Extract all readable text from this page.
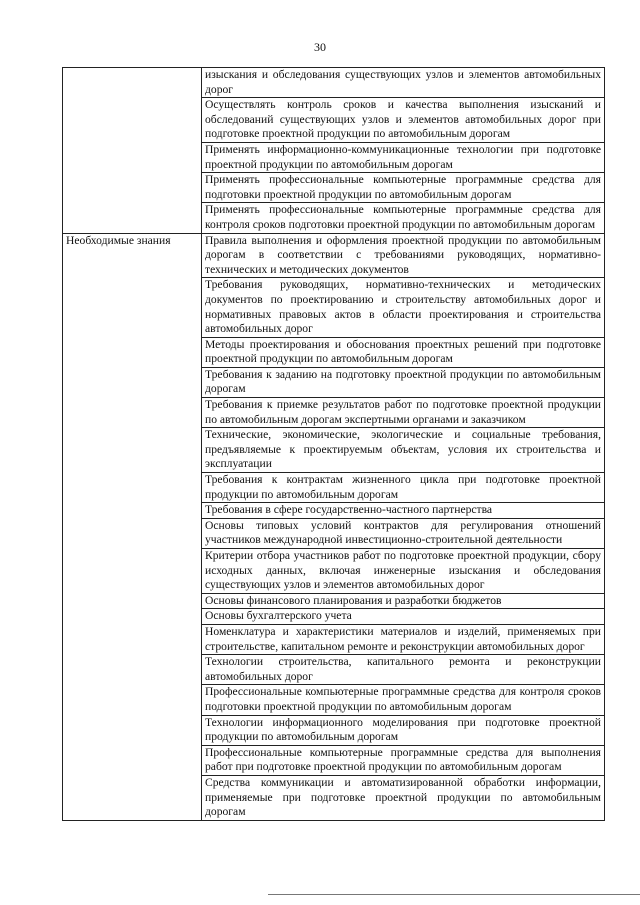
30
	изыскания и обследования существующих узлов и элементов автомобильных дорог
	Осуществлять контроль сроков и качества выполнения изысканий и обследований существующих узлов и элементов автомобильных дорог при подготовке проектной продукции по автомобильным дорогам
	Применять информационно-коммуникационные технологии при подготовке проектной продукции по автомобильным дорогам
	Применять профессиональные компьютерные программные средства для подготовки проектной продукции по автомобильным дорогам
	Применять профессиональные компьютерные программные средства для контроля сроков подготовки проектной продукции по автомобильным дорогам
Необходимые знания	Правила выполнения и оформления проектной продукции по автомобильным дорогам в соответствии с требованиями руководящих, нормативно-технических и методических документов
	Требования руководящих, нормативно-технических и методических документов по проектированию и строительству автомобильных дорог и нормативных правовых актов в области проектирования и строительства автомобильных дорог
	Методы проектирования и обоснования проектных решений при подготовке проектной продукции по автомобильным дорогам
	Требования к заданию на подготовку проектной продукции по автомобильным дорогам
	Требования к приемке результатов работ по подготовке проектной продукции по автомобильным дорогам экспертными органами и заказчиком
	Технические, экономические, экологические и социальные требования, предъявляемые к проектируемым объектам, условия их строительства и эксплуатации
	Требования к контрактам жизненного цикла при подготовке проектной продукции по автомобильным дорогам
	Требования в сфере государственно-частного партнерства
	Основы типовых условий контрактов для регулирования отношений участников международной инвестиционно-строительной деятельности
	Критерии отбора участников работ по подготовке проектной продукции, сбору исходных данных, включая инженерные изыскания и обследования существующих узлов и элементов автомобильных дорог
	Основы финансового планирования и разработки бюджетов
	Основы бухгалтерского учета
	Номенклатура и характеристики материалов и изделий, применяемых при строительстве, капитальном ремонте и реконструкции автомобильных дорог
	Технологии строительства, капитального ремонта и реконструкции автомобильных дорог
	Профессиональные компьютерные программные средства для контроля сроков подготовки проектной продукции по автомобильным дорогам
	Технологии информационного моделирования при подготовке проектной продукции по автомобильным дорогам
	Профессиональные компьютерные программные средства для выполнения работ при подготовке проектной продукции по автомобильным дорогам
	Средства коммуникации и автоматизированной обработки информации, применяемые при подготовке проектной продукции по автомобильным дорогам
